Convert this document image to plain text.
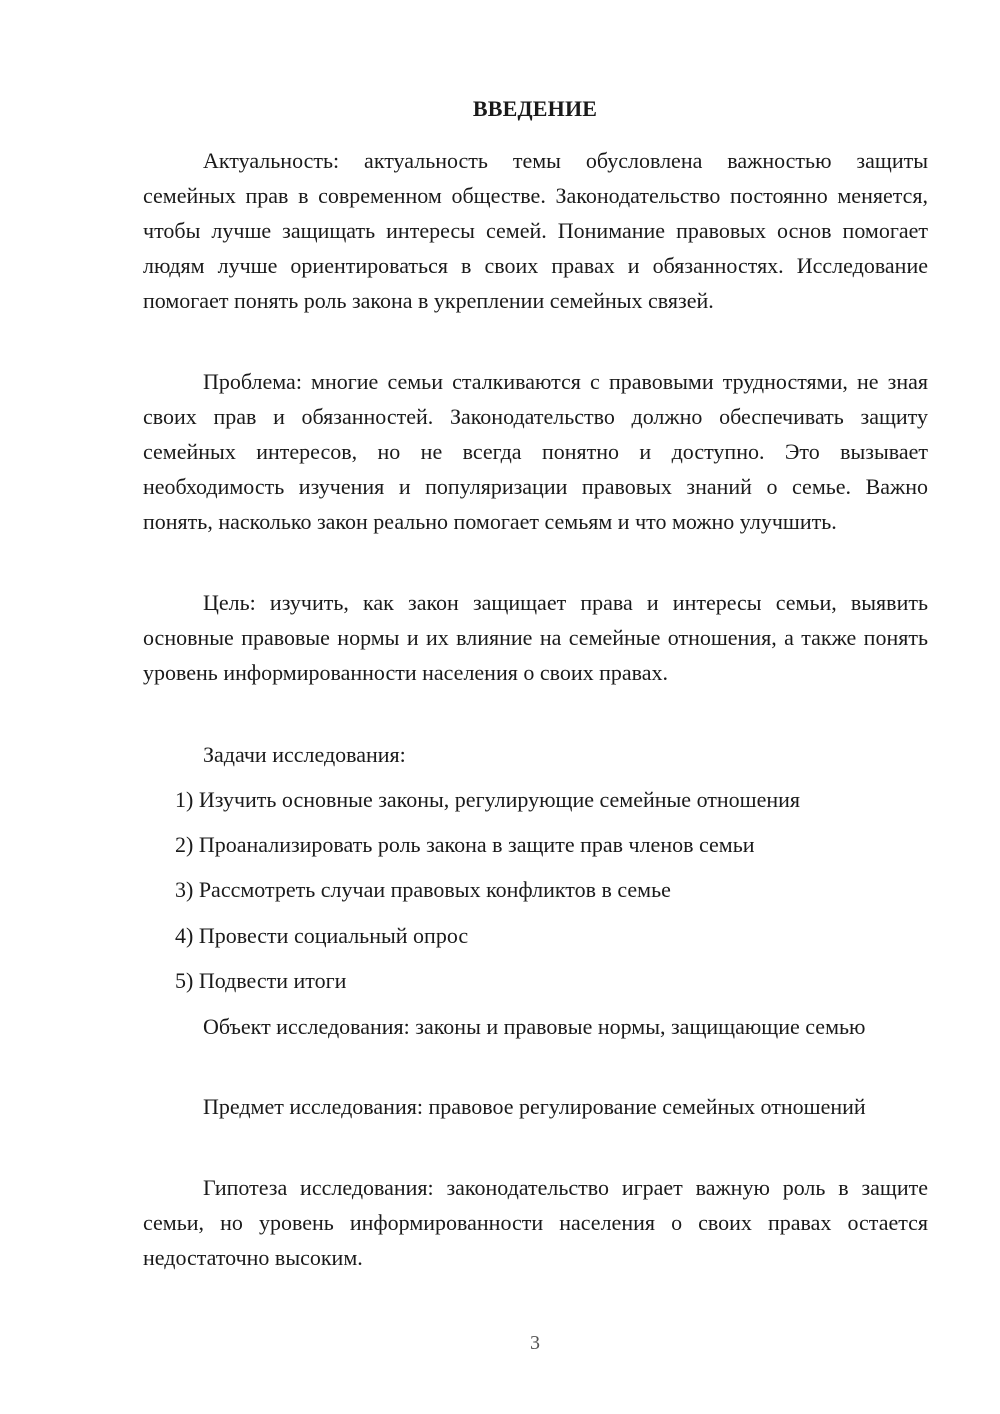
ВВЕДЕНИЕ

Актуальность: актуальность темы обусловлена важностью защиты семейных прав в современном обществе. Законодательство постоянно меняется, чтобы лучше защищать интересы семей. Понимание правовых основ помогает людям лучше ориентироваться в своих правах и обязанностях. Исследование помогает понять роль закона в укреплении семейных связей.

Проблема: многие семьи сталкиваются с правовыми трудностями, не зная своих прав и обязанностей. Законодательство должно обеспечивать защиту семейных интересов, но не всегда понятно и доступно. Это вызывает необходимость изучения и популяризации правовых знаний о семье. Важно понять, насколько закон реально помогает семьям и что можно улучшить.

Цель: изучить, как закон защищает права и интересы семьи, выявить основные правовые нормы и их влияние на семейные отношения, а также понять уровень информированности населения о своих правах.

Задачи исследования:

1) Изучить основные законы, регулирующие семейные отношения

2) Проанализировать роль закона в защите прав членов семьи

3) Рассмотреть случаи правовых конфликтов в семье

4) Провести социальный опрос

5) Подвести итоги

Объект исследования: законы и правовые нормы, защищающие семью

Предмет исследования: правовое регулирование семейных отношений

Гипотеза исследования: законодательство играет важную роль в защите семьи, но уровень информированности населения о своих правах остается недостаточно высоким.

3
